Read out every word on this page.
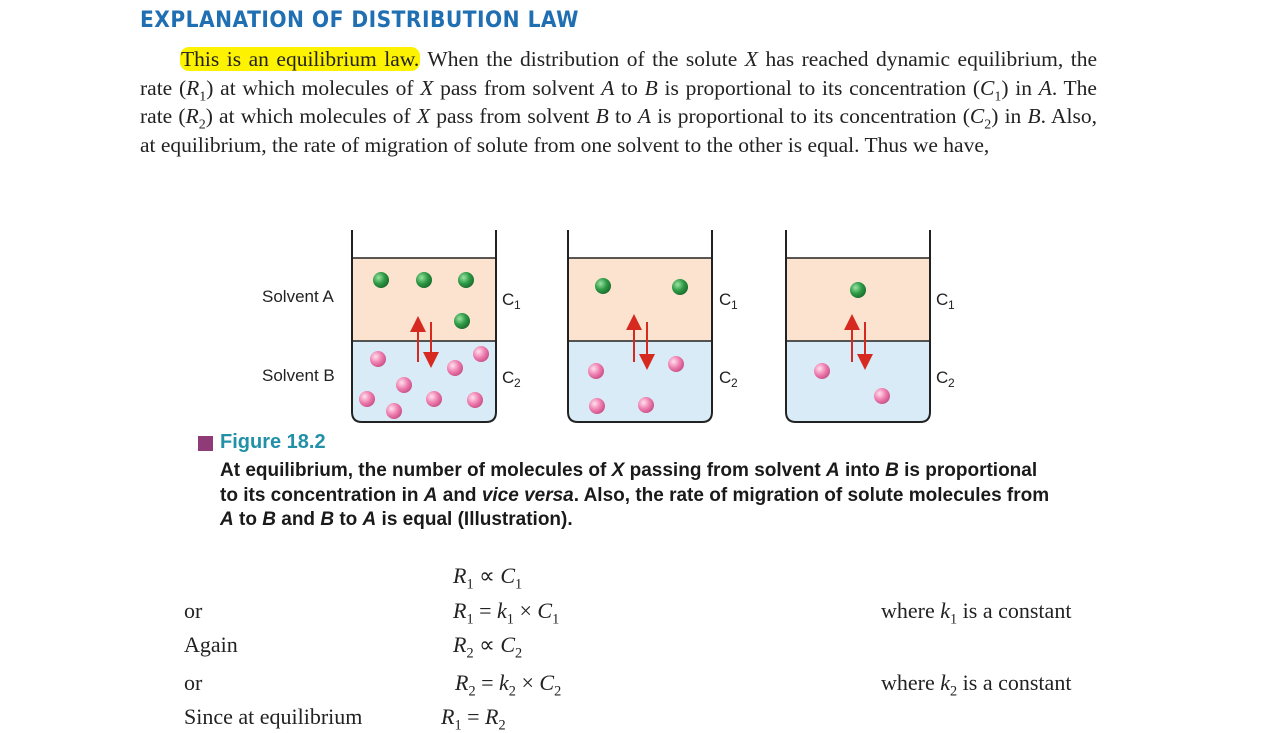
EXPLANATION OF DISTRIBUTION LAW
This is an equilibrium law. When the distribution of the solute X has reached dynamic equilibrium, the rate $(R_1)$ at which molecules of X pass from solvent A to B is proportional to its concentration $(C_1)$ in A. The rate $(R_2)$ at which molecules of X pass from solvent B to A is proportional to its concentration $(C_2)$ in B. Also, at equilibrium, the rate of migration of solute from one solvent to the other is equal. Thus we have,
Solvent A
Solvent B
C 1
C 2
C 1
C 2
C 1
C 2
Figure 18.2
At equilibrium, the number of molecules of X passing from solvent A into B is proportional to its concentration in A and vice versa. Also, the rate of migration of solute molecules from A to B and B to A is equal (Illustration).
$R_1 \propto C_1$
or	$R_1 = k_1 \times C_1$	where $k_1$ is a constant
Again	$R_2 \propto C_2$
or	$R_2 = k_2 \times C_2$	where $k_2$ is a constant
Since at equilibrium	$R_1 = R_2$
